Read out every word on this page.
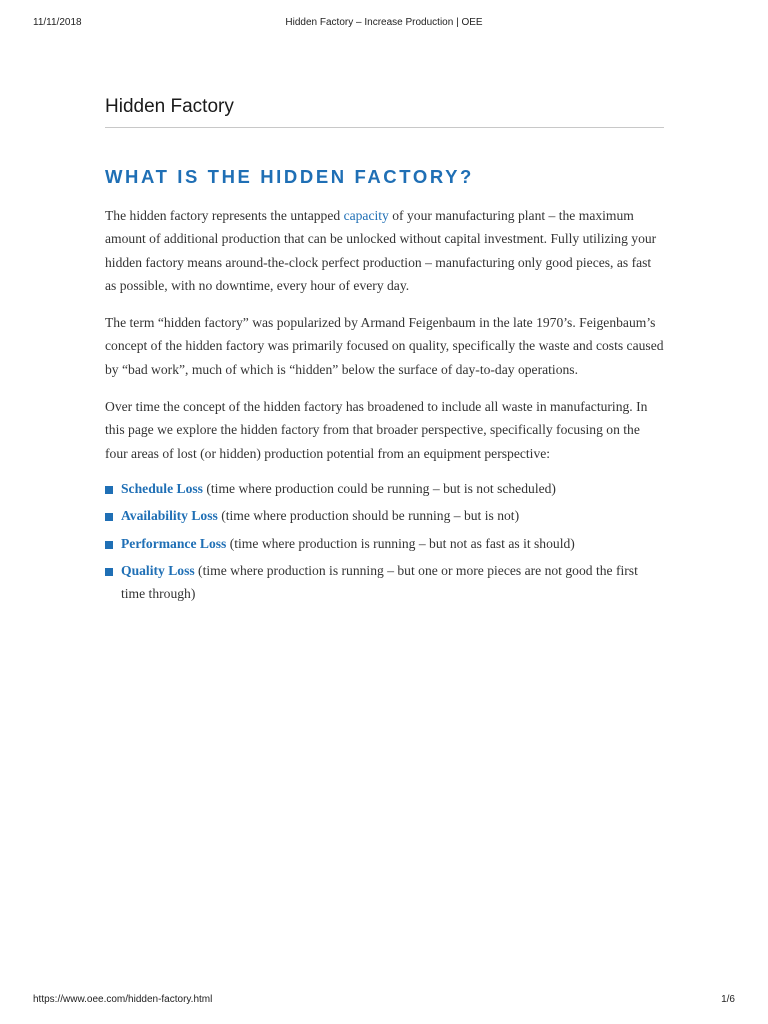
11/11/2018	Hidden Factory – Increase Production | OEE
Hidden Factory
WHAT IS THE HIDDEN FACTORY?

The hidden factory represents the untapped capacity of your manufacturing plant – the maximum amount of additional production that can be unlocked without capital investment. Fully utilizing your hidden factory means around-the-clock perfect production – manufacturing only good pieces, as fast as possible, with no downtime, every hour of every day.

The term “hidden factory” was popularized by Armand Feigenbaum in the late 1970’s. Feigenbaum’s concept of the hidden factory was primarily focused on quality, specifically the waste and costs caused by “bad work”, much of which is “hidden” below the surface of day-to-day operations.

Over time the concept of the hidden factory has broadened to include all waste in manufacturing. In this page we explore the hidden factory from that broader perspective, specifically focusing on the four areas of lost (or hidden) production potential from an equipment perspective:

Schedule Loss (time where production could be running – but is not scheduled)
Availability Loss (time where production should be running – but is not)
Performance Loss (time where production is running – but not as fast as it should)
Quality Loss (time where production is running – but one or more pieces are not good the first time through)
https://www.oee.com/hidden-factory.html	1/6
